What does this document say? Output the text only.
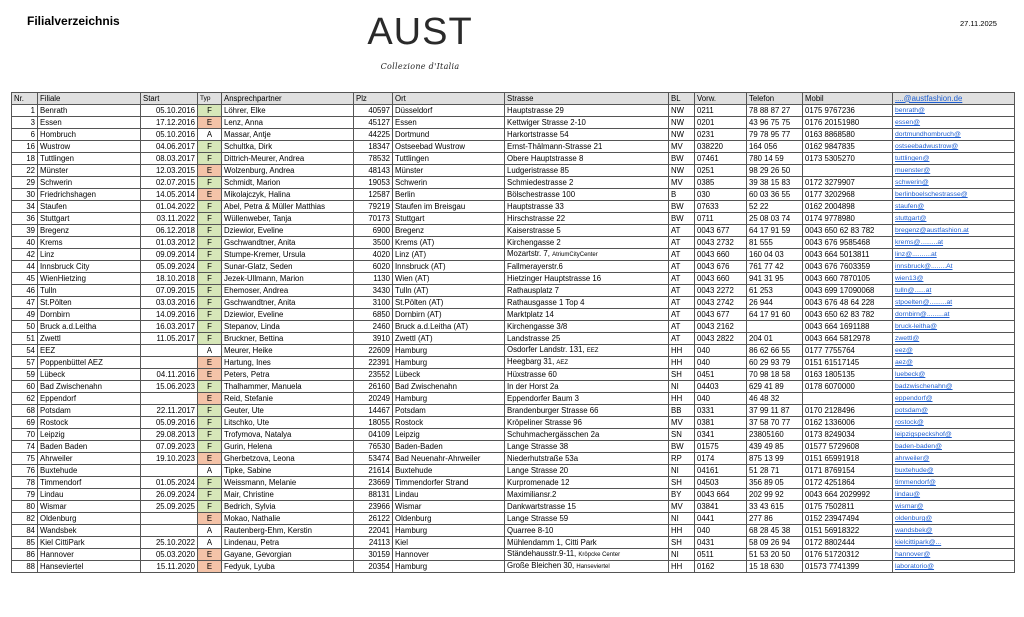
Filialverzeichnis	AUST
Collezione d'Italia
27.11.2025
Nr.	Filiale	Start	Typ	Ansprechpartner	Plz	Ort	Strasse	BL	Vorw.	Telefon	Mobil	....@austfashion.de
1	Benrath	05.10.2016	F	Löhrer, Elke	40597	Düsseldorf	Hauptstrasse 29	NW	0211	78 88 87 27	0175 9767236	benrath@
3	Essen	17.12.2016	E	Lenz, Anna	45127	Essen	Kettwiger Strasse 2-10	NW	0201	43 96 75 75	0176 20151980	essen@
6	Hombruch	05.10.2016	A	Massar, Antje	44225	Dortmund	Harkortstrasse 54	NW	0231	79 78 95 77	0163 8868580	dortmundhombruch@
16	Wustrow	04.06.2017	F	Schultka, Dirk	18347	Ostseebad Wustrow	Ernst-Thälmann-Strasse 21	MV	038220	164 056	0162 9847835	ostseebadwustrow@
18	Tuttlingen	08.03.2017	F	Dittrich-Meurer, Andrea	78532	Tuttlingen	Obere Hauptstrasse 8	BW	07461	780 14 59	0173 5305270	tuttlingen@
22	Münster	12.03.2015	E	Wolzenburg, Andrea	48143	Münster	Ludgeristrasse 85	NW	0251	98 29 26 50		muenster@
29	Schwerin	02.07.2015	F	Schmidt, Marion	19053	Schwerin	Schmiedestrasse 2	MV	0385	39 38 15 83	0172 3279907	schwerin@
30	Friedrichshagen	14.05.2014	E	Mikolajczyk, Halina	12587	Berlin	Bölschestrasse 100	B	030	60 03 36 55	0177 3202968	berlinboelschestrasse@
34	Staufen	01.04.2022	F	Abel, Petra & Müller Matthias	79219	Staufen im Breisgau	Hauptstrasse 33	BW	07633	52 22	0162 2004898	staufen@
36	Stuttgart	03.11.2022	F	Wüllenweber, Tanja	70173	Stuttgart	Hirschstrasse 22	BW	0711	25 08 03 74	0174 9778980	stuttgart@
39	Bregenz	06.12.2018	F	Dziewior, Eveline	6900	Bregenz	Kaiserstrasse 5	AT	0043 677	64 17 91 59	0043 650 62 83 782	bregenz@austfashion.at
40	Krems	01.03.2012	F	Gschwandtner, Anita	3500	Krems (AT)	Kirchengasse 2	AT	0043 2732	81 555	0043 676 9585468	krems@.........at
42	Linz	09.09.2014	F	Stumpe-Kremer, Ursula	4020	Linz (AT)	Mozartstr. 7, AtriumCityCenter	AT	0043 660	160 04 03	0043 664 5013811	linz@..........at
44	Innsbruck City	05.09.2024	F	Sunar-Glatz, Seden	6020	Innsbruck (AT)	Fallmerayerstr.6	AT	0043 676	761 77 42	0043 676 7603359	innsbruck@........At
45	WienHietzing	18.10.2018	F	Jezek-Ullmann, Marion	1130	Wien (AT)	Hietzinger Hauptstrasse 16	AT	0043 660	941 31 95	0043 660 7870105	wien13@
46	Tulln	07.09.2015	F	Ehemoser, Andrea	3430	Tulln (AT)	Rathausplatz 7	AT	0043 2272	61 253	0043 699 17090068	tulln@......at
47	St.Pölten	03.03.2016	F	Gschwandtner, Anita	3100	St.Pölten (AT)	Rathausgasse 1 Top 4	AT	0043 2742	26 944	0043 676 48 64 228	stpoelten@.........at
49	Dornbirn	14.09.2016	F	Dziewior, Eveline	6850	Dornbirn (AT)	Marktplatz 14	AT	0043 677	64 17 91 60	0043 650 62 83 782	dornbirn@.........at
50	Bruck a.d.Leitha	16.03.2017	F	Stepanov, Linda	2460	Bruck a.d.Leitha (AT)	Kirchengasse 3/8	AT	0043 2162		0043 664 1691188	bruck-leitha@
51	Zwettl	11.05.2017	F	Bruckner, Bettina	3910	Zwettl (AT)	Landstrasse 25	AT	0043 2822	204 01	0043 664 5812978	zwettl@
54	EEZ		A	Meurer, Heike	22609	Hamburg	Osdorfer Landstr. 131, EEZ	HH	040	86 62 66 55	0177 7755764	eez@
57	Poppenbüttel AEZ		E	Hartung, Ines	22391	Hamburg	Heegbarg 31, AEZ	HH	040	60 29 93 79	0151 61517145	aez@
59	Lübeck	04.11.2016	E	Peters, Petra	23552	Lübeck	Hüxstrasse 60	SH	0451	70 98 18 58	0163 1805135	luebeck@
60	Bad Zwischenahn	15.06.2023	F	Thalhammer, Manuela	26160	Bad Zwischenahn	In der Horst 2a	NI	04403	629 41 89	0178 6070000	badzwischenahn@
62	Eppendorf		E	Reid, Stefanie	20249	Hamburg	Eppendorfer Baum 3	HH	040	46 48 32		eppendorf@
68	Potsdam	22.11.2017	F	Geuter, Ute	14467	Potsdam	Brandenburger Strasse 66	BB	0331	37 99 11 87	0170 2128496	potsdam@
69	Rostock	05.09.2016	F	Litschko, Ute	18055	Rostock	Kröpeliner Strasse 96	MV	0381	37 58 70 77	0162 1336006	rostock@
70	Leipzig	29.08.2013	F	Trofymova, Natalya	04109	Leipzig	Schuhmachergässchen 2a	SN	0341	23805160	0173 8249034	leipzigspeckshof@
74	Baden Baden	07.09.2023	F	Gurin, Helena	76530	Baden-Baden	Lange Strasse 38	BW	01575	439 49 85	01577 5729608	baden-baden@
75	Ahrweiler	19.10.2023	E	Gherbetzova, Leona	53474	Bad Neuenahr-Ahrweiler	Niederhutstraße 53a	RP	0174	875 13 99	0151 65991918	ahrweiler@
76	Buxtehude		A	Tipke, Sabine	21614	Buxtehude	Lange Strasse 20	NI	04161	51 28 71	0171 8769154	buxtehude@
78	Timmendorf	01.05.2024	F	Weissmann, Melanie	23669	Timmendorfer Strand	Kurpromenade 12	SH	04503	356 89 05	0172 4251864	timmendorf@
79	Lindau	26.09.2024	F	Mair, Christine	88131	Lindau	Maximiliansr.2	BY	0043 664	202 99 92	0043 664 2029992	lindau@
80	Wismar	25.09.2025	F	Bedrich, Sylvia	23966	Wismar	Dankwartstrasse 15	MV	03841	33 43 615	0175 7502811	wismar@
82	Oldenburg		E	Mokao, Nathalie	26122	Oldenburg	Lange Strasse 59	NI	0441	277 86	0152 23947494	oldenburg@
84	Wandsbek		A	Rautenberg-Ehm, Kerstin	22041	Hamburg	Quarree 8-10	HH	040	68 28 45 38	0151 56918322	wandsbek@
85	Kiel CittiPark	25.10.2022	A	Lindenau, Petra	24113	Kiel	Mühlendamm 1, Citti Park	SH	0431	58 09 26 94	0172 8802444	kielcittipark@...
86	Hannover	05.03.2020	E	Gayane, Gevorgian	30159	Hannover	Ständehausstr.9-11, Kröpcke Center	NI	0511	51 53 20 50	0176 51720312	hannover@
88	Hanseviertel	15.11.2020	E	Fedyuk, Lyuba	20354	Hamburg	Große Bleichen 30, Hanseviertel	HH	0162	15 18 630	01573 7741399	laboratorio@
